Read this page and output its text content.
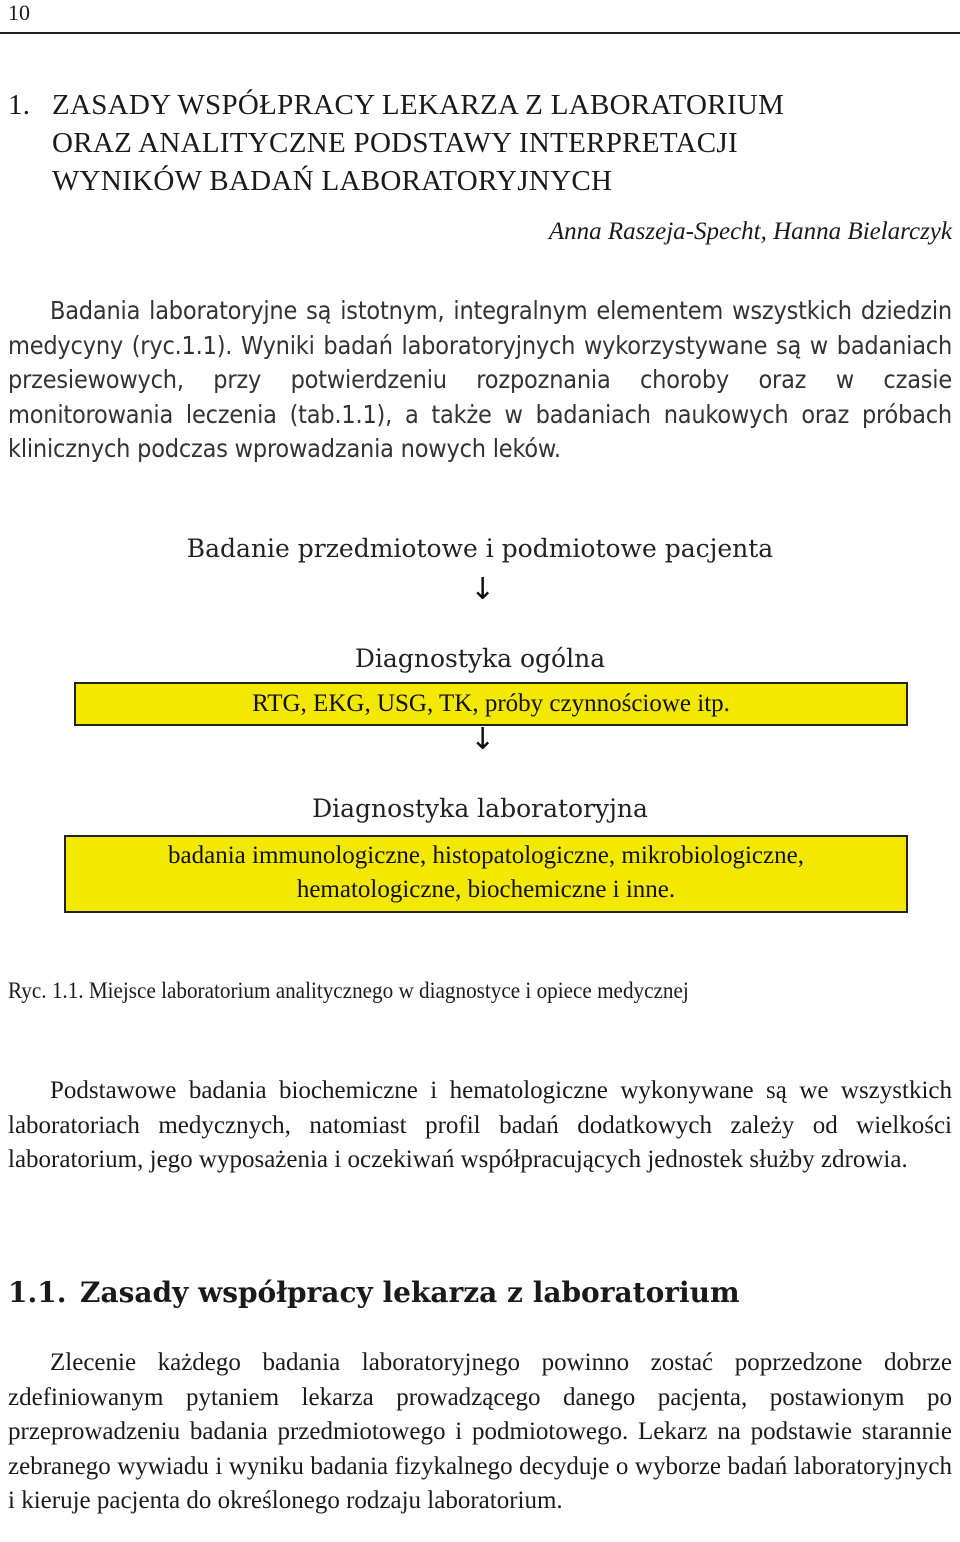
10
1. ZASADY WSPÓŁPRACY LEKARZA Z LABORATORIUM
ORAZ ANALITYCZNE PODSTAWY INTERPRETACJI
WYNIKÓW BADAŃ LABORATORYJNYCH
Anna Raszeja-Specht, Hanna Bielarczyk
Badania laboratoryjne są istotnym, integralnym elementem wszystkich dziedzin medycyny (ryc.1.1). Wyniki badań laboratoryjnych wykorzystywane są w badaniach przesiewowych, przy potwierdzeniu rozpoznania choroby oraz w czasie monitorowania leczenia (tab.1.1), a także w badaniach naukowych oraz próbach klinicznych podczas wprowadzania nowych leków.
Badanie przedmiotowe i podmiotowe pacjenta
↓
Diagnostyka ogólna
RTG, EKG, USG, TK, próby czynnościowe itp.
↓
Diagnostyka laboratoryjna
badania immunologiczne, histopatologiczne, mikrobiologiczne,
hematologiczne, biochemiczne i inne.
Ryc. 1.1. Miejsce laboratorium analitycznego w diagnostyce i opiece medycznej
Podstawowe badania biochemiczne i hematologiczne wykonywane są we wszystkich laboratoriach medycznych, natomiast profil badań dodatkowych zależy od wielkości laboratorium, jego wyposażenia i oczekiwań współpracujących jednostek służby zdrowia.
1.1. Zasady współpracy lekarza z laboratorium
Zlecenie każdego badania laboratoryjnego powinno zostać poprzedzone dobrze zdefiniowanym pytaniem lekarza prowadzącego danego pacjenta, postawionym po przeprowadzeniu badania przedmiotowego i podmiotowego. Lekarz na podstawie starannie zebranego wywiadu i wyniku badania fizykalnego decyduje o wyborze badań laboratoryjnych i kieruje pacjenta do określonego rodzaju laboratorium.
